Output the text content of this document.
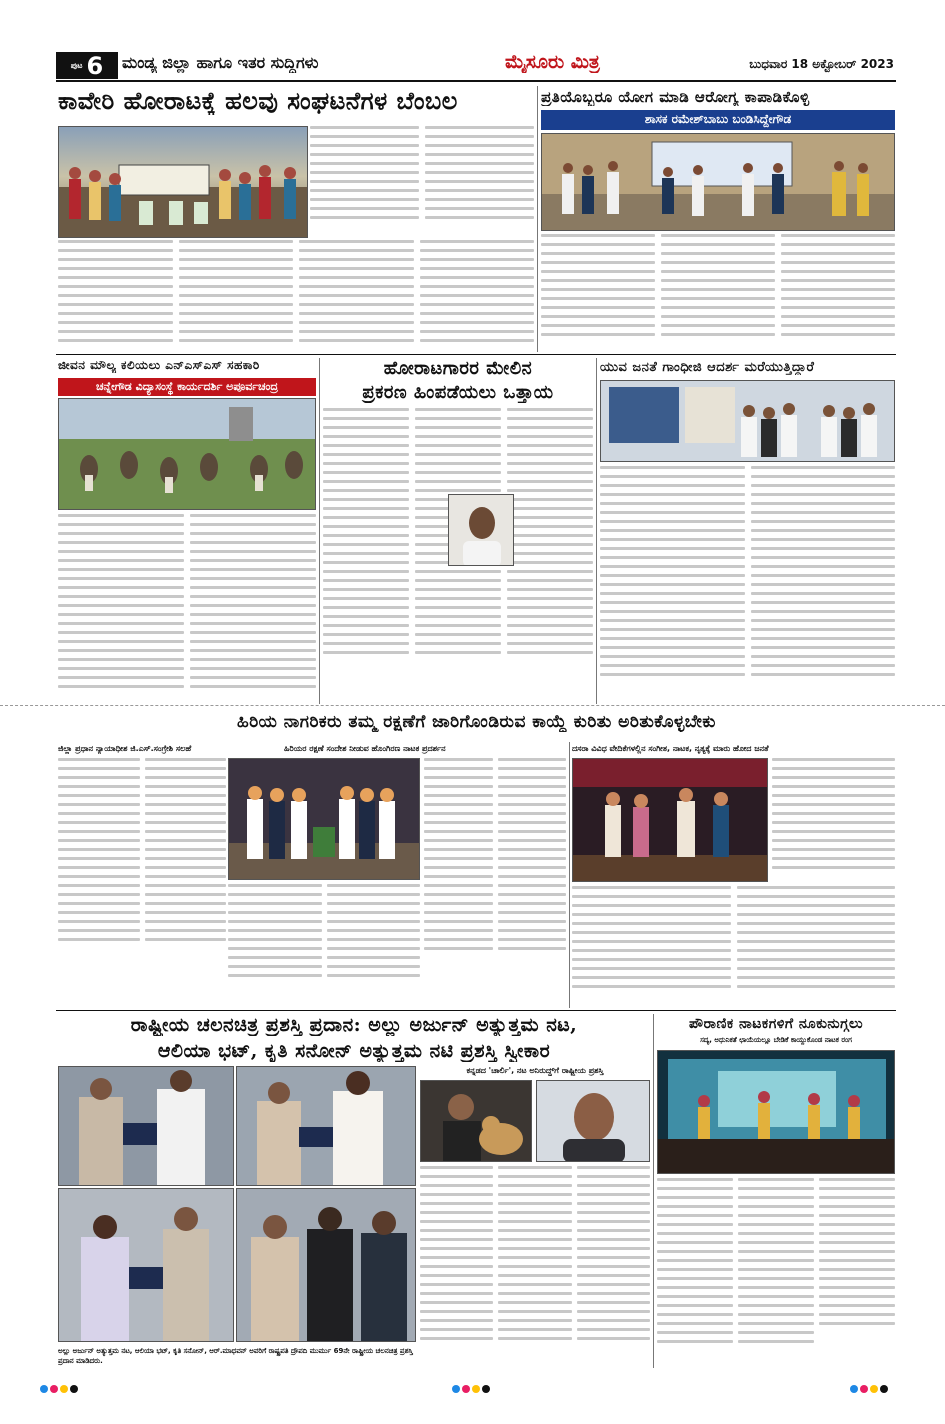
ಪುಟ 6 ಮಂಡ್ಯ ಜಿಲ್ಲಾ ಹಾಗೂ ಇತರ ಸುದ್ದಿಗಳು	ಮೈಸೂರು ಮಿತ್ರ	ಬುಧವಾರ 18 ಅಕ್ಟೋಬರ್ 2023
ಕಾವೇರಿ ಹೋರಾಟಕ್ಕೆ ಹಲವು ಸಂಘಟನೆಗಳ ಬೆಂಬಲ	ಪ್ರತಿಯೊಬ್ಬರೂ ಯೋಗ ಮಾಡಿ ಆರೋಗ್ಯ ಕಾಪಾಡಿಕೊಳ್ಳಿ
ಶಾಸಕ ರಮೇಶ್‌ಬಾಬು ಬಂಡಿಸಿದ್ದೇಗೌಡ
ಜೀವನ ಮೌಲ್ಯ ಕಲಿಯಲು ಎನ್‌ಎಸ್‌ಎಸ್ ಸಹಕಾರಿ
ಚನ್ನೇಗೌಡ ವಿದ್ಯಾಸಂಸ್ಥೆ ಕಾರ್ಯದರ್ಶಿ ಅಪೂರ್ವಚಂದ್ರ
ಹೋರಾಟಗಾರರ ಮೇಲಿನ
ಪ್ರಕರಣ ಹಿಂಪಡೆಯಲು ಒತ್ತಾಯ
ಯುವ ಜನತೆ ಗಾಂಧೀಜಿ ಆದರ್ಶ ಮರೆಯುತ್ತಿದ್ದಾರೆ
ಹಿರಿಯ ನಾಗರಿಕರು ತಮ್ಮ ರಕ್ಷಣೆಗೆ ಜಾರಿಗೊಂಡಿರುವ ಕಾಯ್ದೆ ಕುರಿತು ಅರಿತುಕೊಳ್ಳಬೇಕು
ಜಿಲ್ಲಾ ಪ್ರಧಾನ ನ್ಯಾಯಾಧೀಶ ಜಿ.ಎಸ್.ಸಂಗ್ರೇಶಿ ಸಲಹೆ	ಹಿರಿಯರ ರಕ್ಷಣೆ ಸಂದೇಶ ನೀಡುವ ಹೊಂಗಿರಣ ನಾಟಕ ಪ್ರದರ್ಶನ	ದಸರಾ ವಿವಿಧ ವೇದಿಕೆಗಳಲ್ಲಿನ ಸಂಗೀತ, ನಾಟಕ, ನೃತ್ಯಕ್ಕೆ ಮಾರು ಹೋದ ಜನತೆ
ರಾಷ್ಟ್ರೀಯ ಚಲನಚಿತ್ರ ಪ್ರಶಸ್ತಿ ಪ್ರದಾನ: ಅಲ್ಲು ಅರ್ಜುನ್ ಅತ್ಯುತ್ತಮ ನಟ,
ಆಲಿಯಾ ಭಟ್, ಕೃತಿ ಸನೋನ್ ಅತ್ಯುತ್ತಮ ನಟಿ ಪ್ರಶಸ್ತಿ ಸ್ವೀಕಾರ
ಕನ್ನಡದ 'ಚಾರ್ಲಿ', ನಟ ಅನಿರುದ್ಧ್‌ಗೆ ರಾಷ್ಟ್ರೀಯ ಪ್ರಶಸ್ತಿ
ಅಲ್ಲು ಅರ್ಜುನ್ ಅತ್ಯುತ್ತಮ ನಟ, ಆಲಿಯಾ ಭಟ್, ಕೃತಿ ಸನೋನ್, ಆರ್.ಮಾಧವನ್ ಅವರಿಗೆ ರಾಷ್ಟ್ರಪತಿ ದ್ರೌಪದಿ ಮುರ್ಮು 69ನೇ ರಾಷ್ಟ್ರೀಯ ಚಲನಚಿತ್ರ ಪ್ರಶಸ್ತಿ ಪ್ರದಾನ ಮಾಡಿದರು.
ಪೌರಾಣಿಕ ನಾಟಕಗಳಿಗೆ ನೂಕುನುಗ್ಗಲು
ಸದ್ಯ, ಅಧುನಿಕತೆ ಛಾಯೆಯಲ್ಲೂ ಬೇಡಿಕೆ ಕಾಯ್ದುಕೊಂಡ ನಾಟಕ ರಂಗ
